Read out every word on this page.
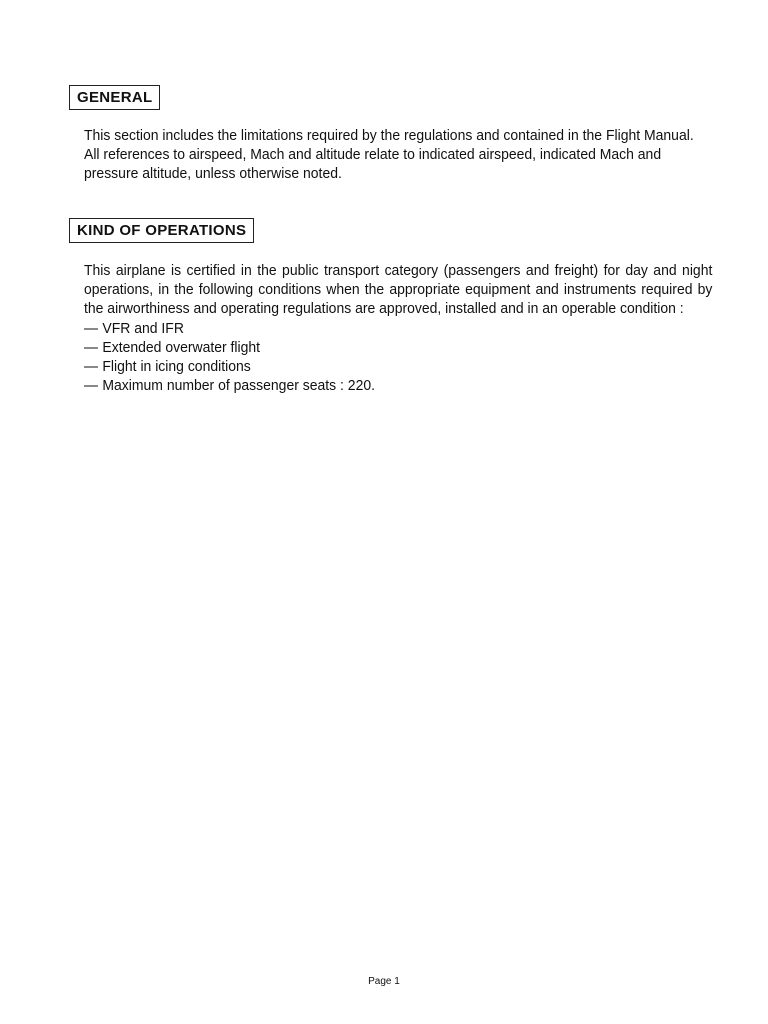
GENERAL

This section includes the limitations required by the regulations and contained in the Flight Manual.

All references to airspeed, Mach and altitude relate to indicated airspeed, indicated Mach and pressure altitude, unless otherwise noted.

KIND OF OPERATIONS

This airplane is certified in the public transport category (passengers and freight) for day and night operations, in the following conditions when the appropriate equipment and instruments required by the airworthiness and operating regulations are approved, installed and in an operable condition :

— VFR and IFR

— Extended overwater flight

— Flight in icing conditions

— Maximum number of passenger seats : 220.

Page 1
